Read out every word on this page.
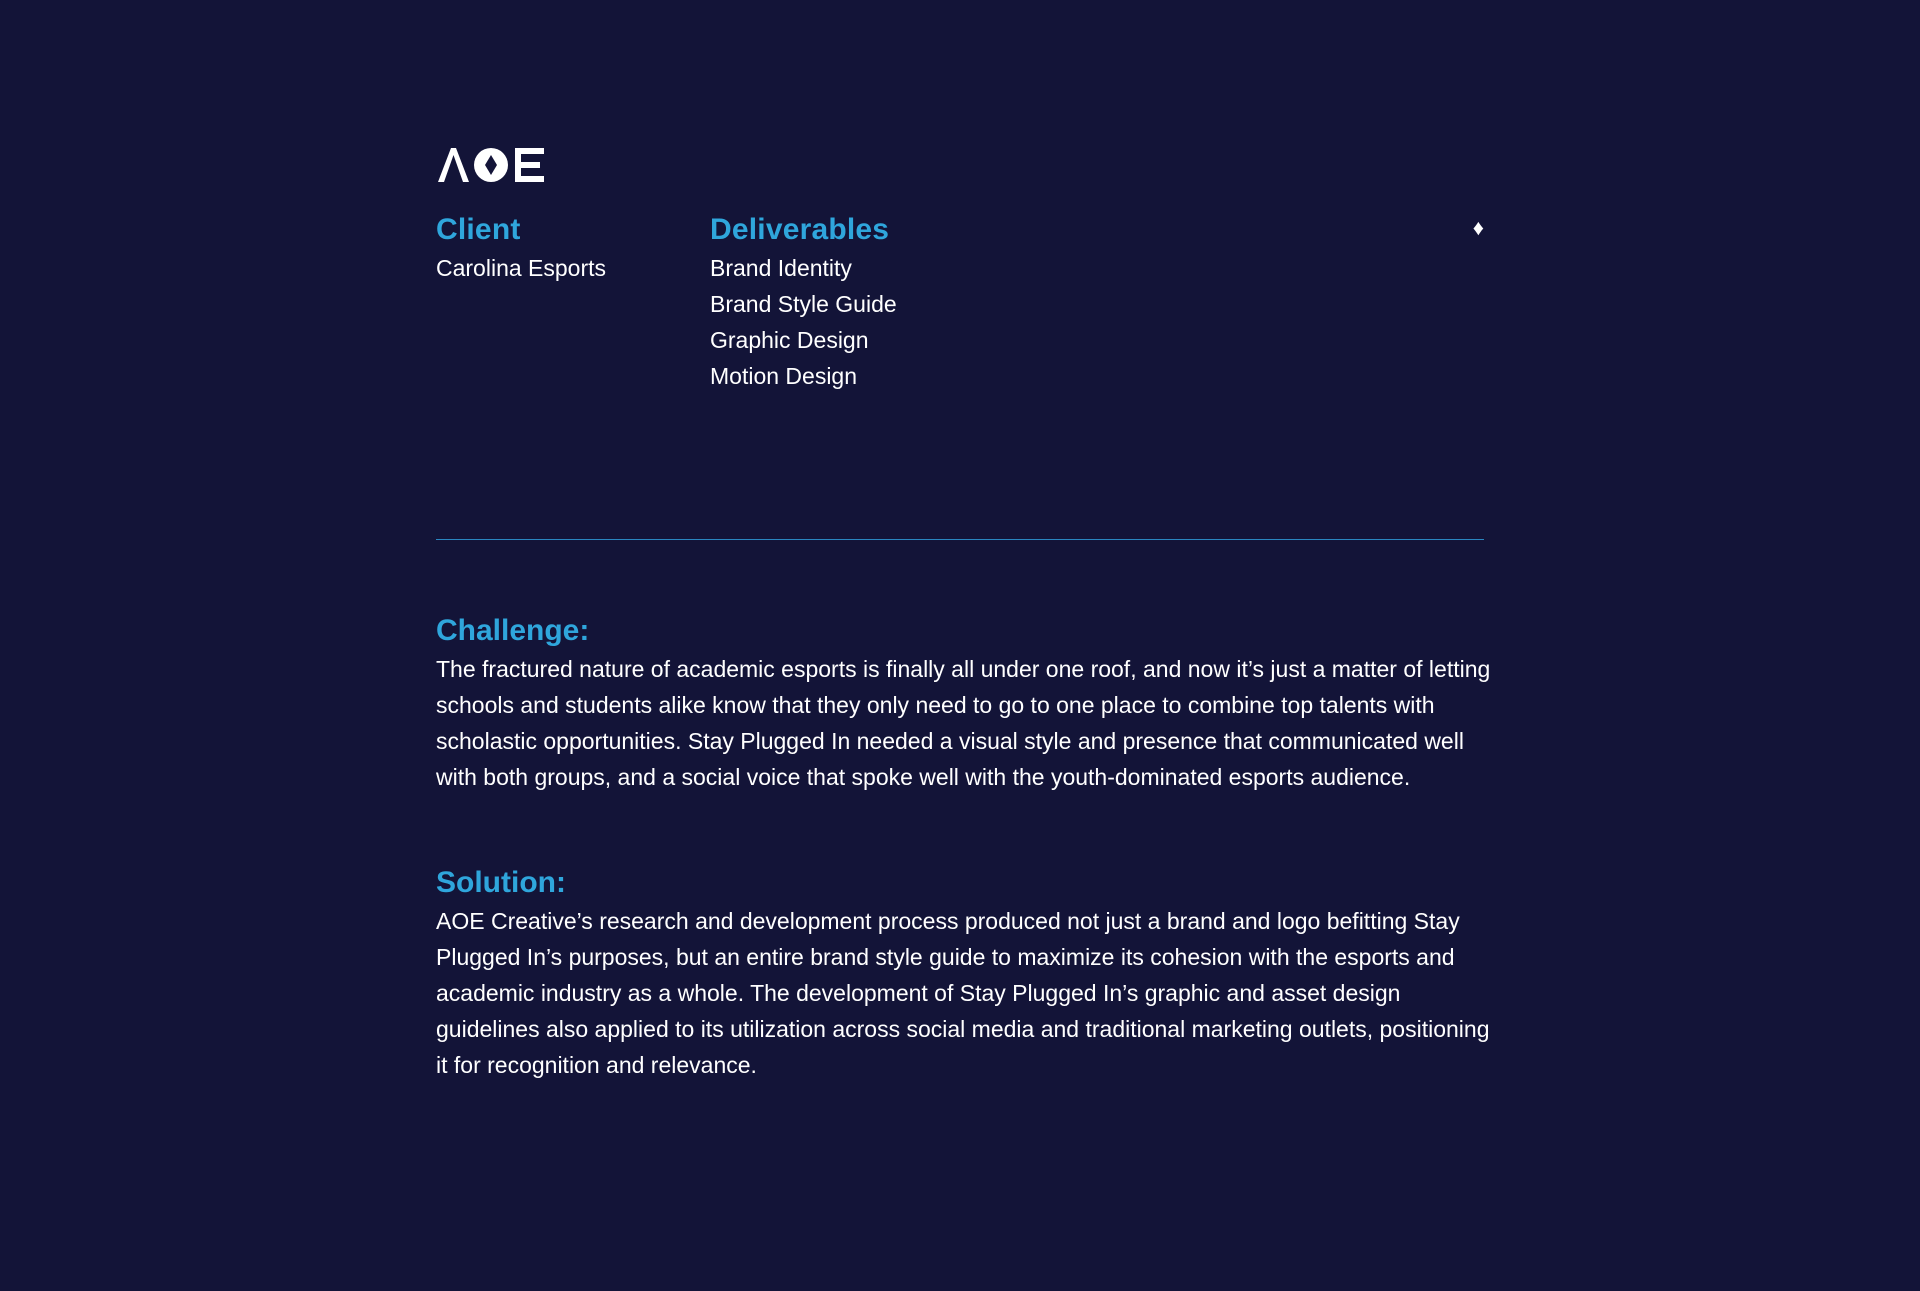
Client

Carolina Esports

Deliverables
Brand Identity
Brand Style Guide
Graphic Design
Motion Design
♦
Challenge:

The fractured nature of academic esports is finally all under one roof, and now it’s just a matter of letting schools and students alike know that they only need to go to one place to combine top talents with scholastic opportunities. Stay Plugged In needed a visual style and presence that communicated well with both groups, and a social voice that spoke well with the youth-dominated esports audience.

Solution:

AOE Creative’s research and development process produced not just a brand and logo befitting Stay Plugged In’s purposes, but an entire brand style guide to maximize its cohesion with the esports and academic industry as a whole. The development of Stay Plugged In’s graphic and asset design guidelines also applied to its utilization across social media and traditional marketing outlets, positioning it for recognition and relevance.
